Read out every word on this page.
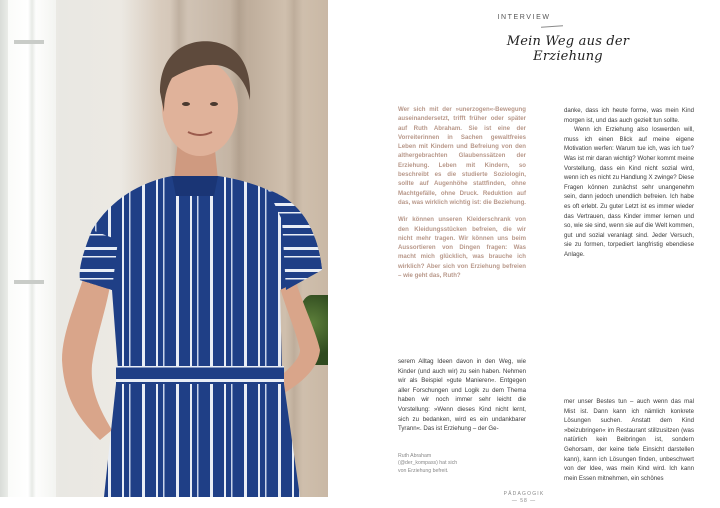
INTERVIEW
Mein Weg aus der Erziehung

Wer sich mit der »unerzogen«-Bewegung auseinandersetzt, trifft früher oder später auf Ruth Abraham. Sie ist eine der Vorreiterinnen in Sachen gewaltfreies Leben mit Kindern und Befreiung von den althergebrachten Glaubenssätzen der Erziehung. Leben mit Kindern, so beschreibt es die studierte Soziologin, sollte auf Augenhöhe stattfinden, ohne Machtgefälle, ohne Druck. Reduktion auf das, was wirklich wichtig ist: die Beziehung.

Wir können unseren Kleiderschrank von den Kleidungsstücken befreien, die wir nicht mehr tragen. Wir können uns beim Aussortieren von Dingen fragen: Was macht mich glücklich, was brauche ich wirklich? Aber sich von Erziehung befreien – wie geht das, Ruth?

danke, dass ich heute forme, was mein Kind morgen ist, und das auch gezielt tun sollte.

Wenn ich Erziehung also loswerden will, muss ich einen Blick auf meine eigene Motivation werfen: Warum tue ich, was ich tue? Was ist mir daran wichtig? Woher kommt meine Vorstellung, dass ein Kind nicht sozial wird, wenn ich es nicht zu Handlung X zwinge? Diese Fragen können zunächst sehr unangenehm sein, dann jedoch unendlich befreien. Ich habe es oft erlebt. Zu guter Letzt ist es immer wieder das Vertrauen, dass Kinder immer lernen und so, wie sie sind, wenn sie auf die Welt kommen, gut und sozial veranlagt sind. Jeder Versuch, sie zu formen, torpediert langfristig ebendiese Anlage.

serem Alltag Ideen davon in den Weg, wie Kinder (und auch wir) zu sein haben. Nehmen wir als Beispiel »gute Manieren«. Entgegen aller Forschungen und Logik zu dem Thema haben wir noch immer sehr leicht die Vorstellung: »Wenn dieses Kind nicht lernt, sich zu bedanken, wird es ein undankbarer Tyrann«. Das ist Erziehung – der Ge-

mer unser Bestes tun – auch wenn das mal Mist ist. Dann kann ich nämlich konkrete Lösungen suchen. Anstatt dem Kind »beizubringen« im Restaurant stillzusitzen (was natürlich kein Beibringen ist, sondern Gehorsam, der keine tiefe Einsicht darstellen kann), kann ich Lösungen finden, unbeschwert von der Idee, was mein Kind wird. Ich kann mein Essen mitnehmen, ein schönes

Ruth Abraham
(@der_kompass) hat sich
von Erziehung befreit.
PÄDAGOGIK
— 58 —
